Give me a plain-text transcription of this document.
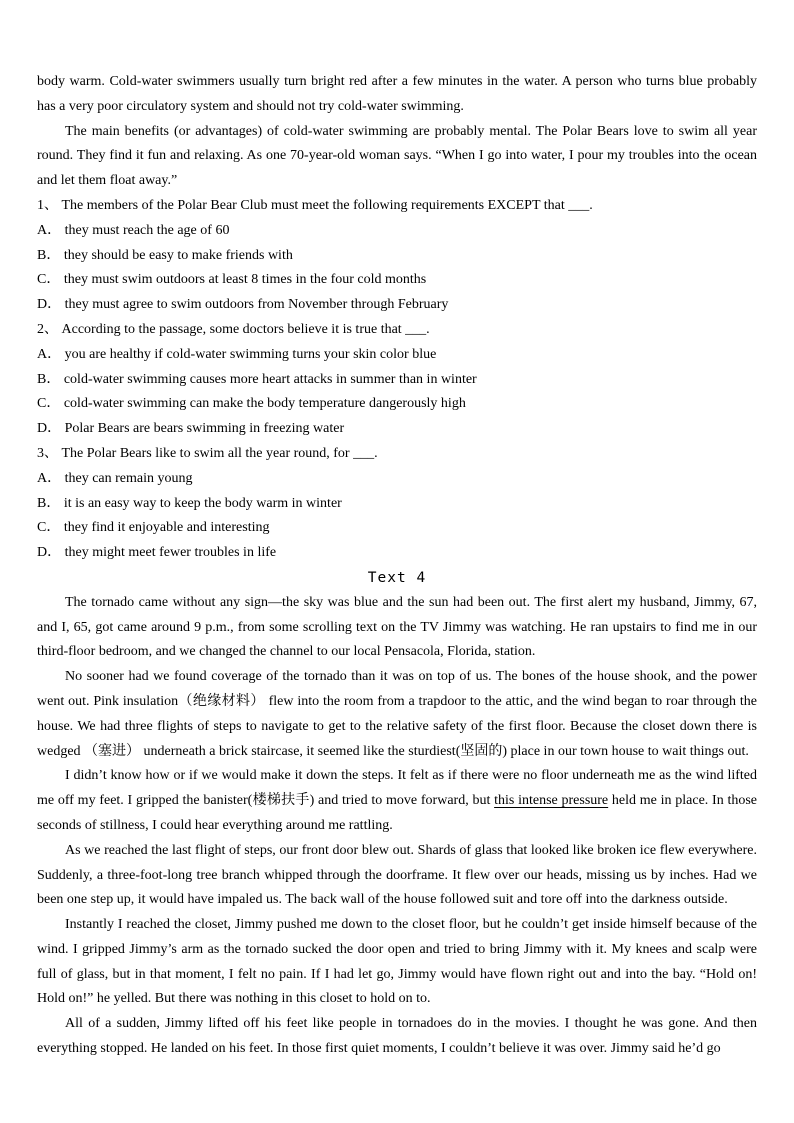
body warm. Cold-water swimmers usually turn bright red after a few minutes in the water. A person who turns blue probably has a very poor circulatory system and should not try cold-water swimming.

The main benefits (or advantages) of cold-water swimming are probably mental. The Polar Bears love to swim all year round. They find it fun and relaxing. As one 70-year-old woman says. “When I go into water, I pour my troubles into the ocean and let them float away.”

1、 The members of the Polar Bear Club must meet the following requirements EXCEPT that ___.

A． they must reach the age of 60

B． they should be easy to make friends with

C． they must swim outdoors at least 8 times in the four cold months

D． they must agree to swim outdoors from November through February

2、 According to the passage, some doctors believe it is true that ___.

A． you are healthy if cold-water swimming turns your skin color blue

B． cold-water swimming causes more heart attacks in summer than in winter

C． cold-water swimming can make the body temperature dangerously high

D． Polar Bears are bears swimming in freezing water

3、 The Polar Bears like to swim all the year round, for ___.

A． they can remain young

B． it is an easy way to keep the body warm in winter

C． they find it enjoyable and interesting

D． they might meet fewer troubles in life

Text 4

The tornado came without any sign—the sky was blue and the sun had been out. The first alert my husband, Jimmy, 67, and I, 65, got came around 9 p.m., from some scrolling text on the TV Jimmy was watching. He ran upstairs to find me in our third-floor bedroom, and we changed the channel to our local Pensacola, Florida, station.

No sooner had we found coverage of the tornado than it was on top of us. The bones of the house shook, and the power went out. Pink insulation（绝缘材料） flew into the room from a trapdoor to the attic, and the wind began to roar through the house. We had three flights of steps to navigate to get to the relative safety of the first floor. Because the closet down there is wedged （塞进） underneath a brick staircase, it seemed like the sturdiest(坚固的) place in our town house to wait things out.

I didn’t know how or if we would make it down the steps. It felt as if there were no floor underneath me as the wind lifted me off my feet. I gripped the banister(楼梯扶手) and tried to move forward, but this intense pressure held me in place. In those seconds of stillness, I could hear everything around me rattling.

As we reached the last flight of steps, our front door blew out. Shards of glass that looked like broken ice flew everywhere. Suddenly, a three-foot-long tree branch whipped through the doorframe. It flew over our heads, missing us by inches. Had we been one step up, it would have impaled us. The back wall of the house followed suit and tore off into the darkness outside.

Instantly I reached the closet, Jimmy pushed me down to the closet floor, but he couldn’t get inside himself because of the wind. I gripped Jimmy’s arm as the tornado sucked the door open and tried to bring Jimmy with it. My knees and scalp were full of glass, but in that moment, I felt no pain. If I had let go, Jimmy would have flown right out and into the bay. “Hold on! Hold on!” he yelled. But there was nothing in this closet to hold on to.

All of a sudden, Jimmy lifted off his feet like people in tornadoes do in the movies. I thought he was gone. And then everything stopped. He landed on his feet. In those first quiet moments, I couldn’t believe it was over. Jimmy said he’d go
